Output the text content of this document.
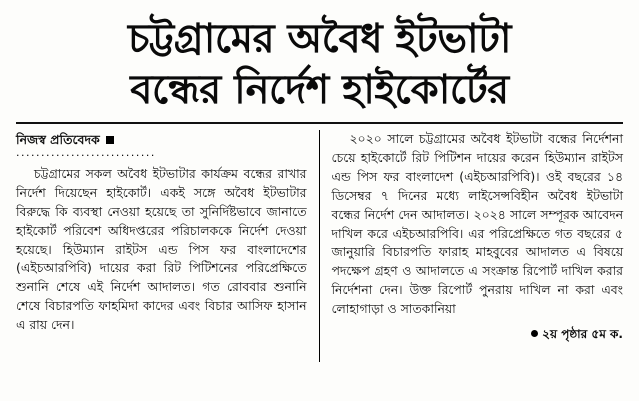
চট্টগ্রামের অবৈধ ইটভাটা
বন্ধের নির্দেশ হাইকোর্টের
নিজস্ব প্রতিবেদক
····························

চট্টগ্রামের সকল অবৈধ ইটভাটার কার্যক্রম বন্ধের রাখার নির্দেশ দিয়েছেন হাইকোর্ট। একই সঙ্গে অবৈধ ইটভাটার বিরুদ্ধে কি ব্যবস্থা নেওয়া হয়েছে তা সুনির্দিষ্টভাবে জানাতে হাইকোর্ট পরিবেশ অধিদপ্তরের পরিচালককে নির্দেশ দেওয়া হয়েছে। হিউম্যান রাইটস এন্ড পিস ফর বাংলাদেশের (এইচআরপিবি) দায়ের করা রিট পিটিশনের পরিপ্রেক্ষিতে শুনানি শেষে এই নির্দেশ আদালত। গত রোববার শুনানি শেষে বিচারপতি ফাহমিদা কাদের এবং বিচার আসিফ হাসান এ রায় দেন।

২০২০ সালে চট্টগ্রামের অবৈধ ইটভাটা বন্ধের নির্দেশনা চেয়ে হাইকোর্টে রিট পিটিশন দায়ের করেন হিউম্যান রাইটস এন্ড পিস ফর বাংলাদেশ (এইচআরপিবি)। ওই বছরের ১৪ ডিসেম্বর ৭ দিনের মধ্যে লাইসেন্সবিহীন অবৈধ ইটভাটা বন্ধের নির্দেশ দেন আদালত। ২০২৪ সালে সম্পূরক আবেদন দাখিল করে এইচআরপিবি। এর পরিপ্রেক্ষিতে গত বছরের ৫ জানুয়ারি বিচারপতি ফারাহ মাহবুবের আদালত এ বিষয়ে পদক্ষেপ গ্রহণ ও আদালতে এ সংক্রান্ত রিপোর্ট দাখিল করার নির্দেশনা দেন। উক্ত রিপোর্ট পুনরায় দাখিল না করা এবং লোহাগাড়া ও সাতকানিয়া

২য় পৃষ্ঠার ৫ম ক.
